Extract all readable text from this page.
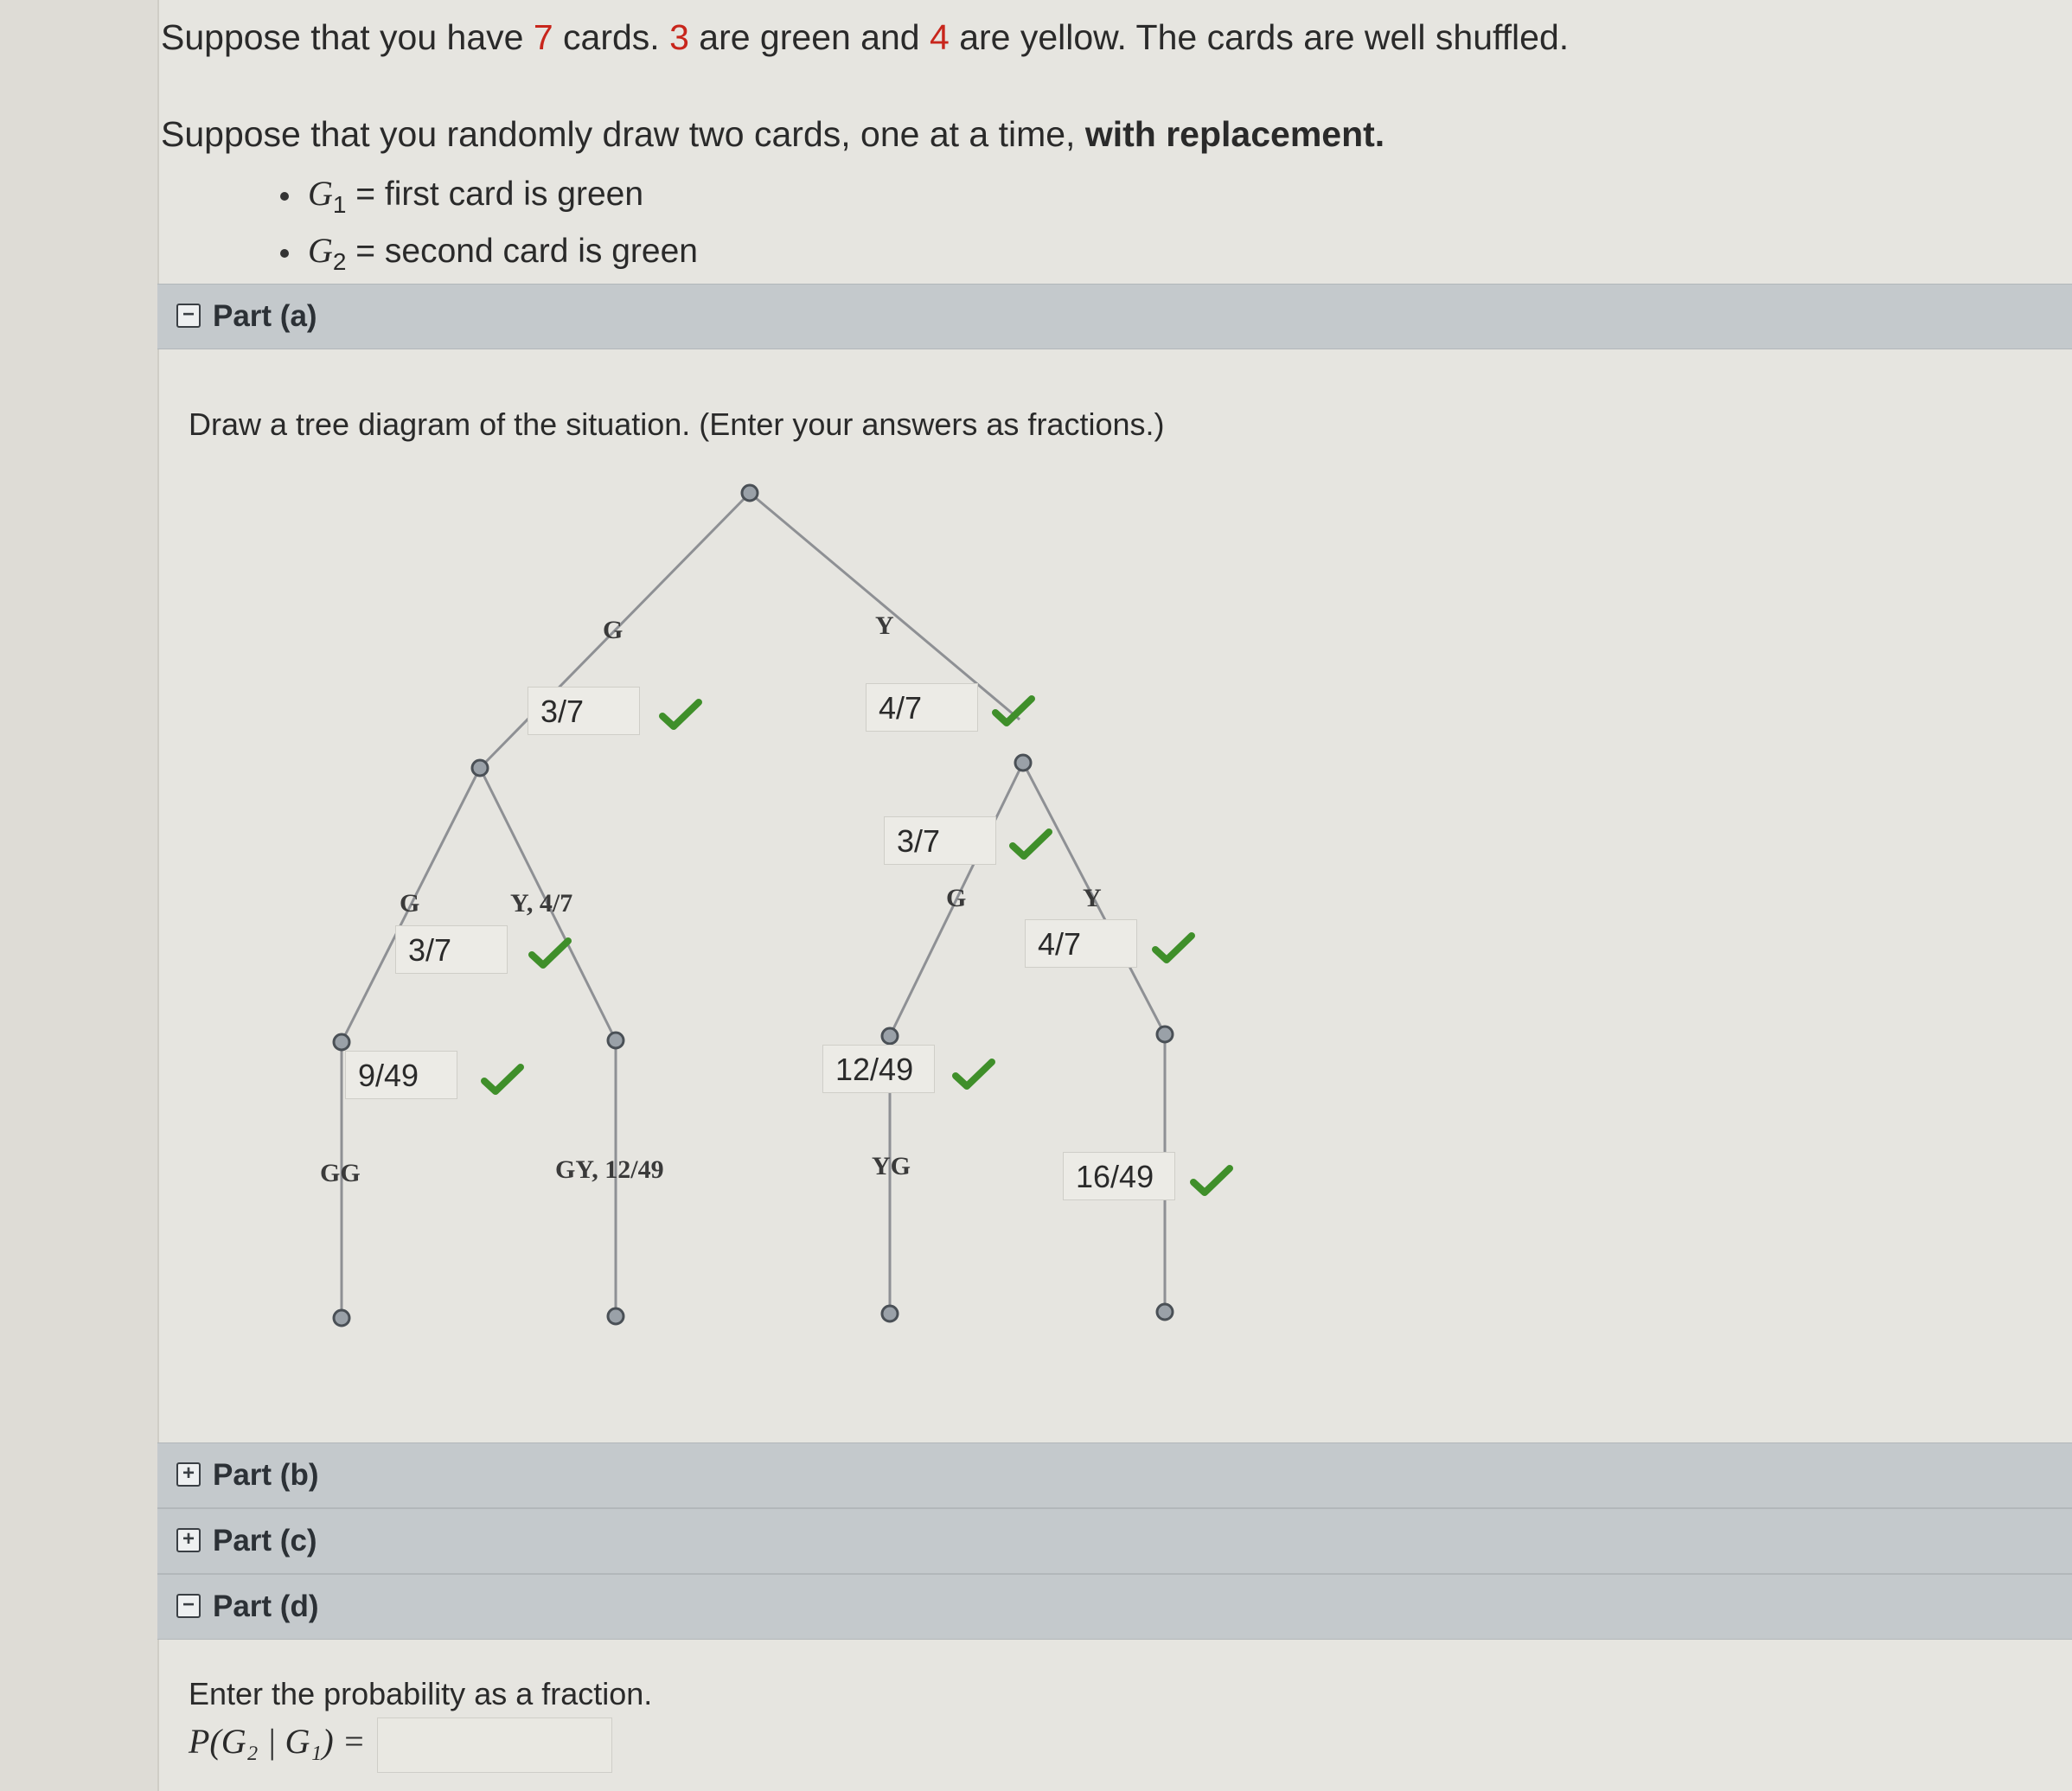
Suppose that you have 7 cards. 3 are green and 4 are yellow. The cards are well shuffled.
Suppose that you randomly draw two cards, one at a time, with replacement.
$G_1$ = first card is green
$G_2$ = second card is green
− Part (a)
Draw a tree diagram of the situation. (Enter your answers as fractions.)
G	Y
G	Y, 4/7	G	Y
GG	GY, 12/49	YG
3/7	4/7
3/7
3/7	4/7
9/49	12/49
16/49
+ Part (b)
+ Part (c)
− Part (d)
Enter the probability as a fraction.
P(G₂ | G₁) =
